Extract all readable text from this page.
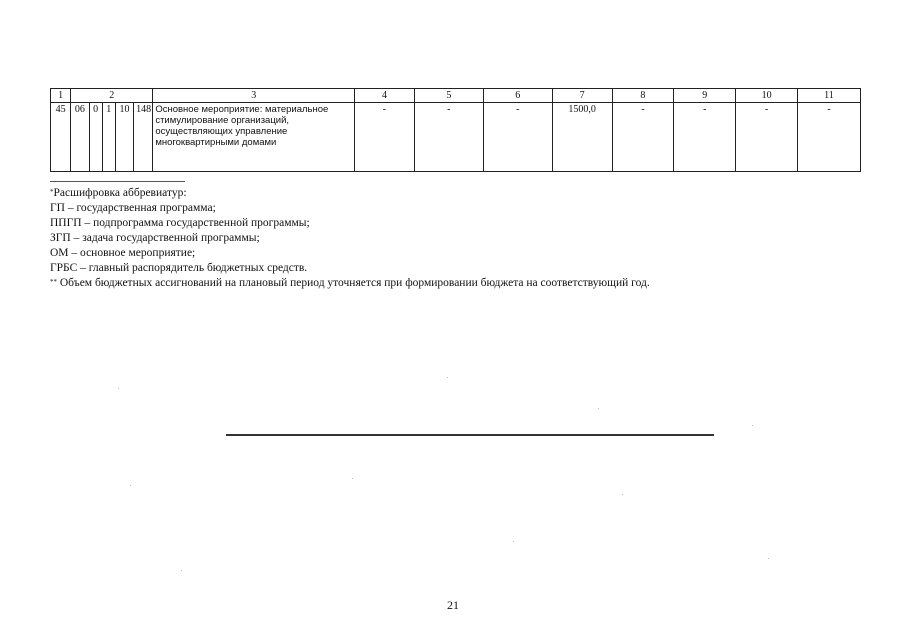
1	2					3	4	5	6	7	8	9	10	11
45	06	0	1	10	148	Основное мероприятие: материальное стимулирование организаций, осуществляющих управление многоквартирными домами	-	-	-	1500,0	-	-	-	-
*Расшифровка аббревиатур:
ГП – государственная программа;
ППГП – подпрограмма государственной программы;
ЗГП – задача государственной программы;
ОМ – основное мероприятие;
ГРБС – главный распорядитель бюджетных средств.
** Объем бюджетных ассигнований на плановый период уточняется при формировании бюджета на соответствующий год.
21
